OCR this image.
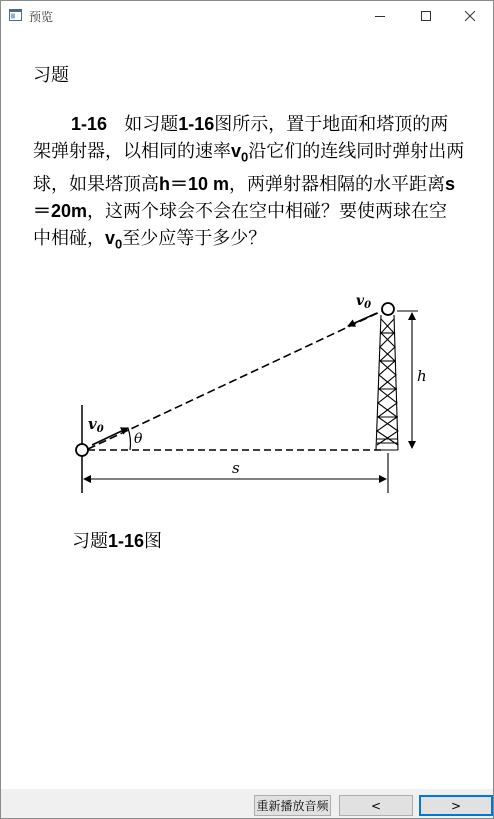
预览
习题

1-16 如习题1-16图所示，置于地面和塔顶的两架弹射器，以相同的速率$v_0$沿它们的连线同时弹射出两球，如果塔顶高h＝10 m，两弹射器相隔的水平距离s＝20m，这两个球会不会在空中相碰？要使两球在空中相碰，$v_0$至少应等于多少？

$v_0$
θ
$v_0$
h
s
习题1-16图
重新播放音频	<	>
